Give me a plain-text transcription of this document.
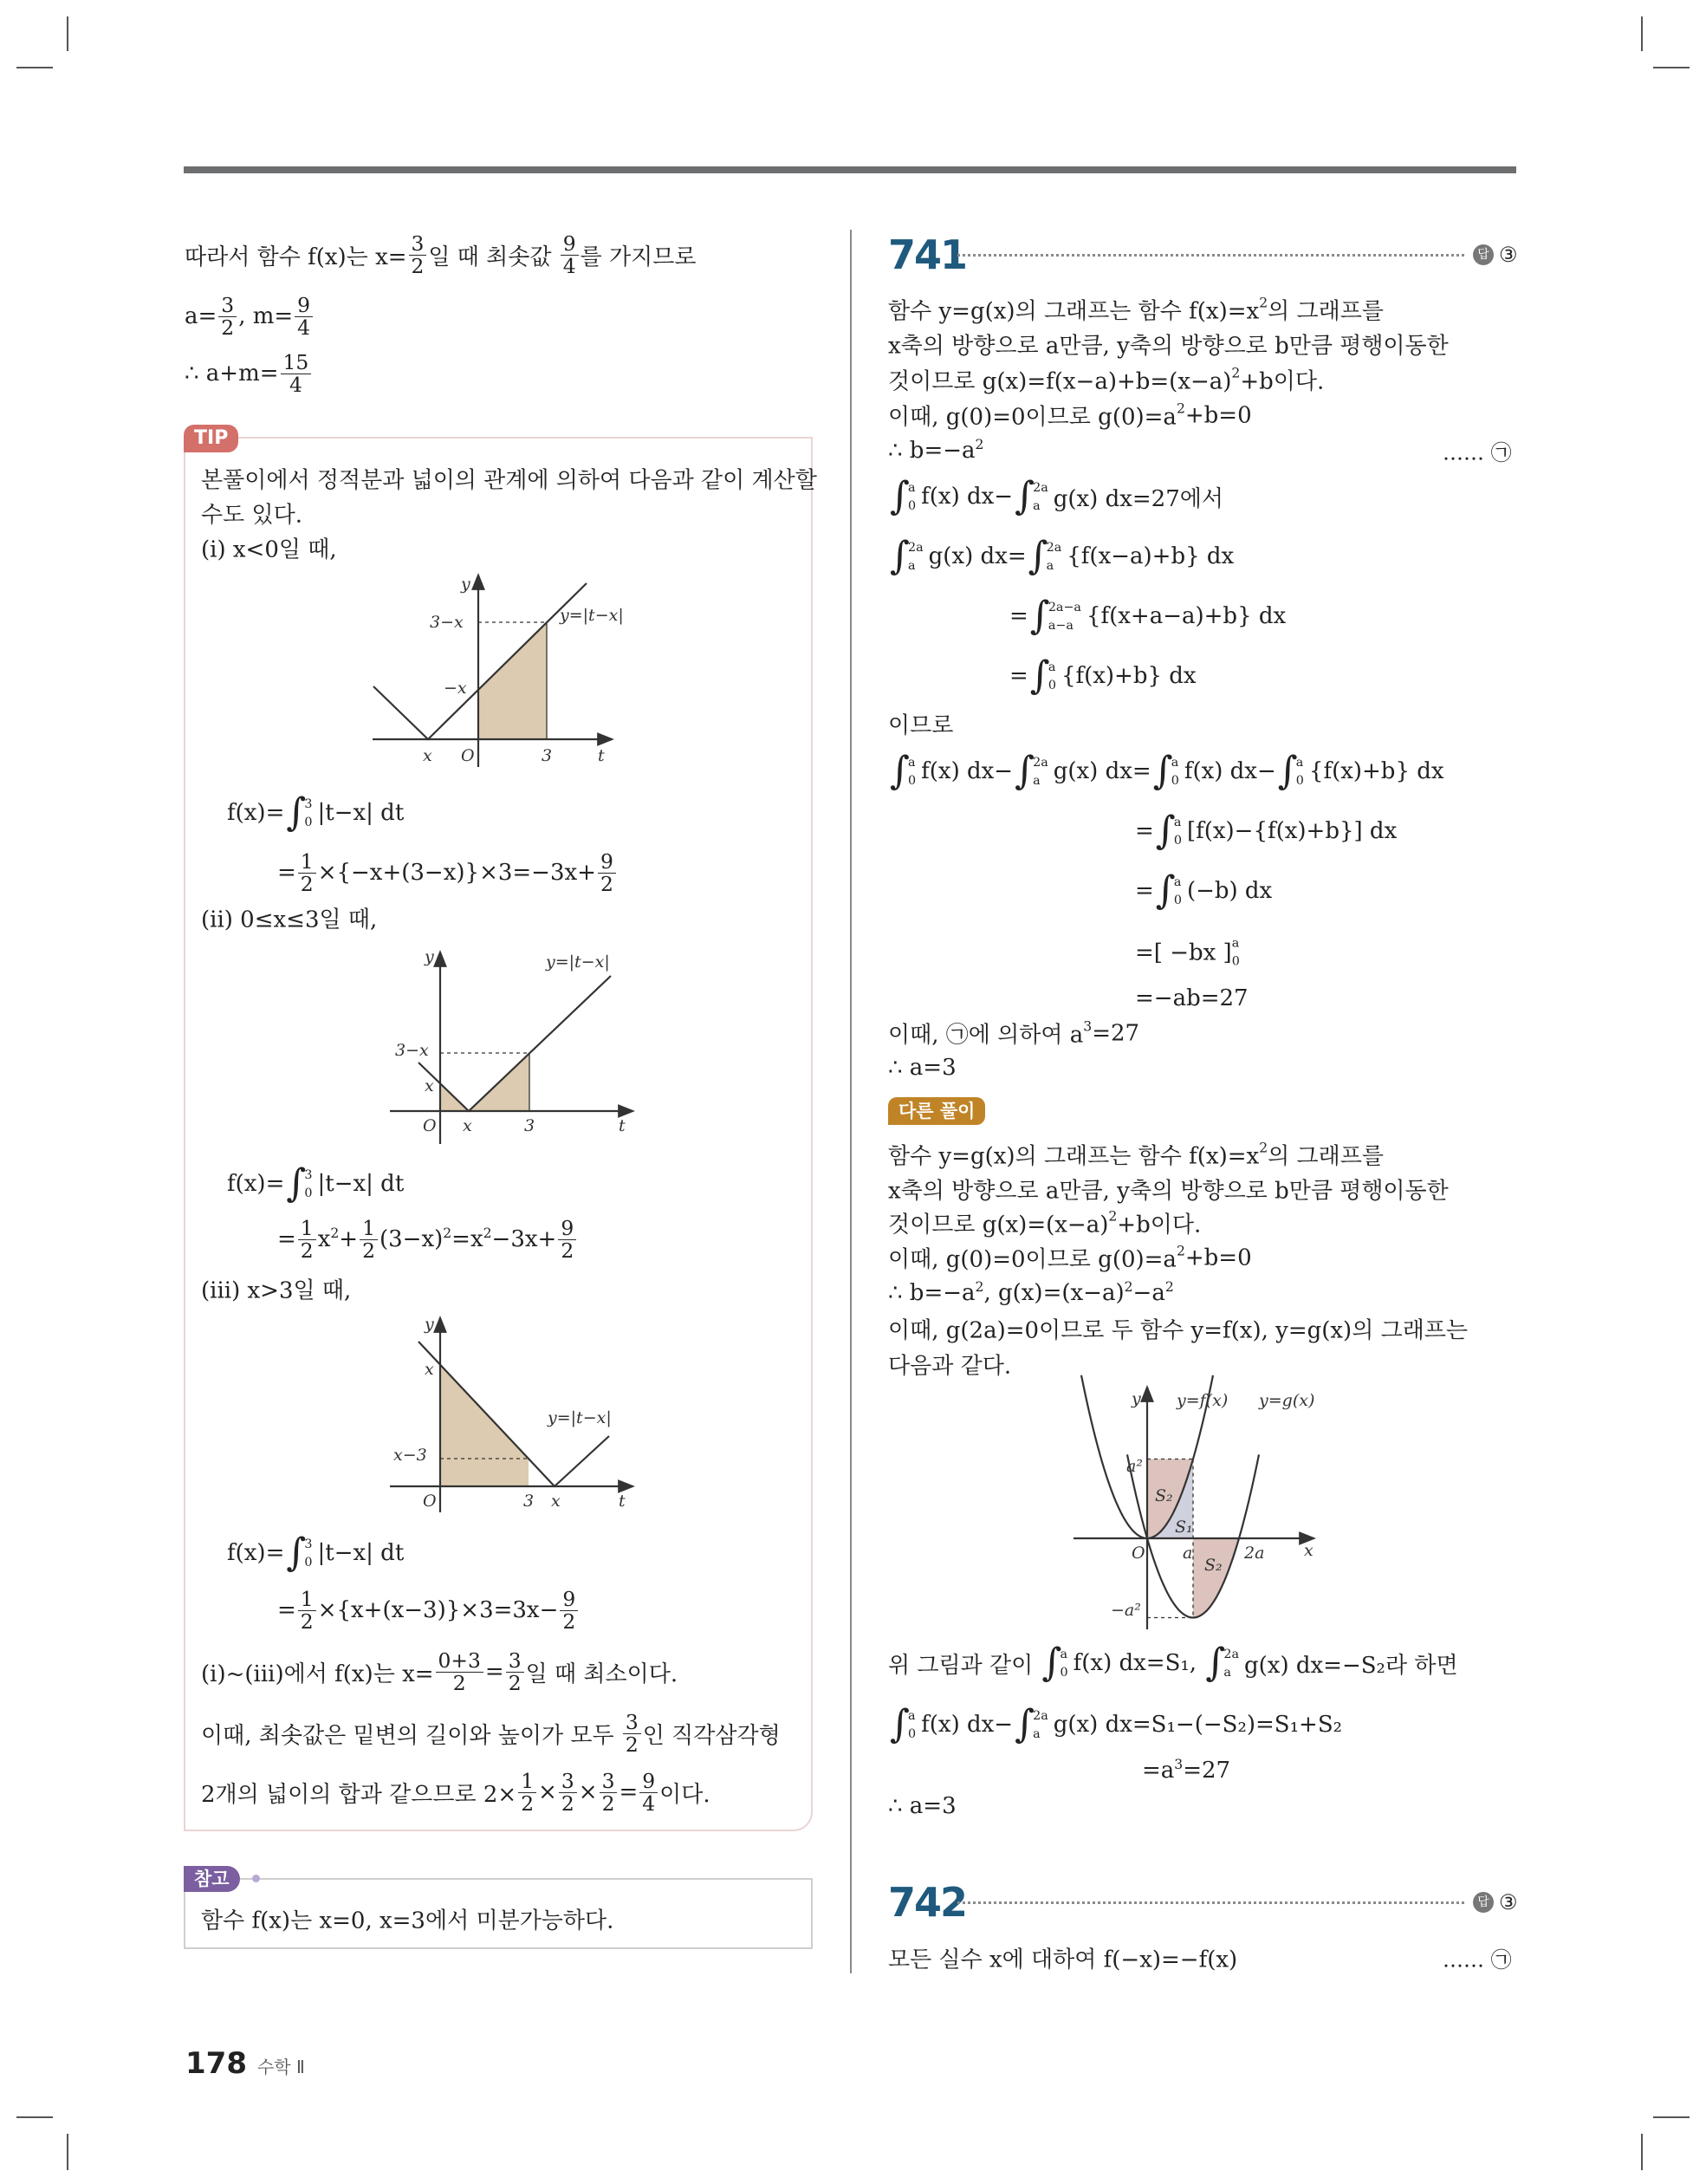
따라서 함수 f(x)는 $x= \frac{3}{2}$ 일 때 최솟값 $\frac{9}{4}$ 를 가지므로
$a= \frac{3}{2}$ , $m= \frac{9}{4}$
∴ $a+m= \frac{15}{4}$
TIP
본풀이에서 정적분과 넓이의 관계에 의하여 다음과 같이 계산할
수도 있다.
(i) x<0일 때,
f(x)= ∫
3
0 |t−x| dt
= $\frac{1}{2} \times\{-x+(3-x)\}\times 3=-3x+ \frac{9}{2}$
(ii) 0≤x≤3일 때,
f(x)= ∫
3
0 |t−x| dt
= $\frac{1}{2}$ x $2 + \frac{1}{2} (3-x)$ 2 =x $2 -3x+ \frac{9}{2}$
(iii) x>3일 때,
f(x)= ∫
3
0 |t−x| dt
= $\frac{1}{2} \times\{x+(x-3)\}\times 3=3x- \frac{9}{2}$
(i)~(iii)에서 f(x)는 $x= \frac{0+3}{2} = \frac{3}{2}$ 일 때 최소이다.
이때, 최솟값은 밑변의 길이와 높이가 모두 $\frac{3}{2}$ 인 직각삼각형
2개의 넓이의 합과 같으므로 $2\times \frac{1}{2} \times \frac{3}{2} \times \frac{3}{2} = \frac{9}{4}$ 이다.
참고
함수 f(x)는 x=0, x=3에서 미분가능하다.
178 수학 Ⅱ
741	답 ③
함수 y=g(x)의 그래프는 함수 f(x)=x 2 의 그래프를
x축의 방향으로 a만큼, y축의 방향으로 b만큼 평행이동한
것이므로 g(x)=f(x−a)+b=(x−a) 2 +b이다.
이때, g(0)=0이므로 g(0)=a 2 +b=0
∴ b=−a 2	…… ㉠
∫
a
0 f(x) dx− ∫
2a
a g(x) dx=27에서
∫
2a
a g(x) dx= ∫
2a
a {f(x−a)+b} dx
= ∫
2a−a
a−a {f(x+a−a)+b} dx
= ∫
a
0 {f(x)+b} dx
이므로
∫
a
0 f(x) dx− ∫
2a
a g(x) dx= ∫
a
0 f(x) dx− ∫
a
0 {f(x)+b} dx
= ∫
a
0 [f(x)−{f(x)+b}] dx
= ∫
a
0 (−b) dx
=[ −bx ] a
0
=−ab=27
이때, ㉠에 의하여 a 3 =27
∴ a=3
다른 풀이
함수 y=g(x)의 그래프는 함수 f(x)=x 2 의 그래프를
x축의 방향으로 a만큼, y축의 방향으로 b만큼 평행이동한
것이므로 g(x)=(x−a) 2 +b이다.
이때, g(0)=0이므로 g(0)=a 2 +b=0
∴ b=−a 2 , g(x)=(x−a) 2 −a 2
이때, g(2a)=0이므로 두 함수 y=f(x), y=g(x)의 그래프는
다음과 같다.
위 그림과 같이 ∫
a
0 f(x) dx=S₁, ∫
2a
a g(x) dx=−S₂라 하면
∫
a
0 f(x) dx− ∫
2a
a g(x) dx=S₁−(−S₂)=S₁+S₂
=a 3 =27
∴ a=3
742	답 ③
모든 실수 x에 대하여 f(−x)=−f(x)	…… ㉠
y
3−x
−x
y=|t−x|
x O	3	t
y	y=|t−x|
3−x
x
O x	3	t
y
x
y=|t−x|
x−3
O	3 x	t
y y=f(x) y=g(x)
a²
S₂
S₁
O a	2a x
S₂
−a²
